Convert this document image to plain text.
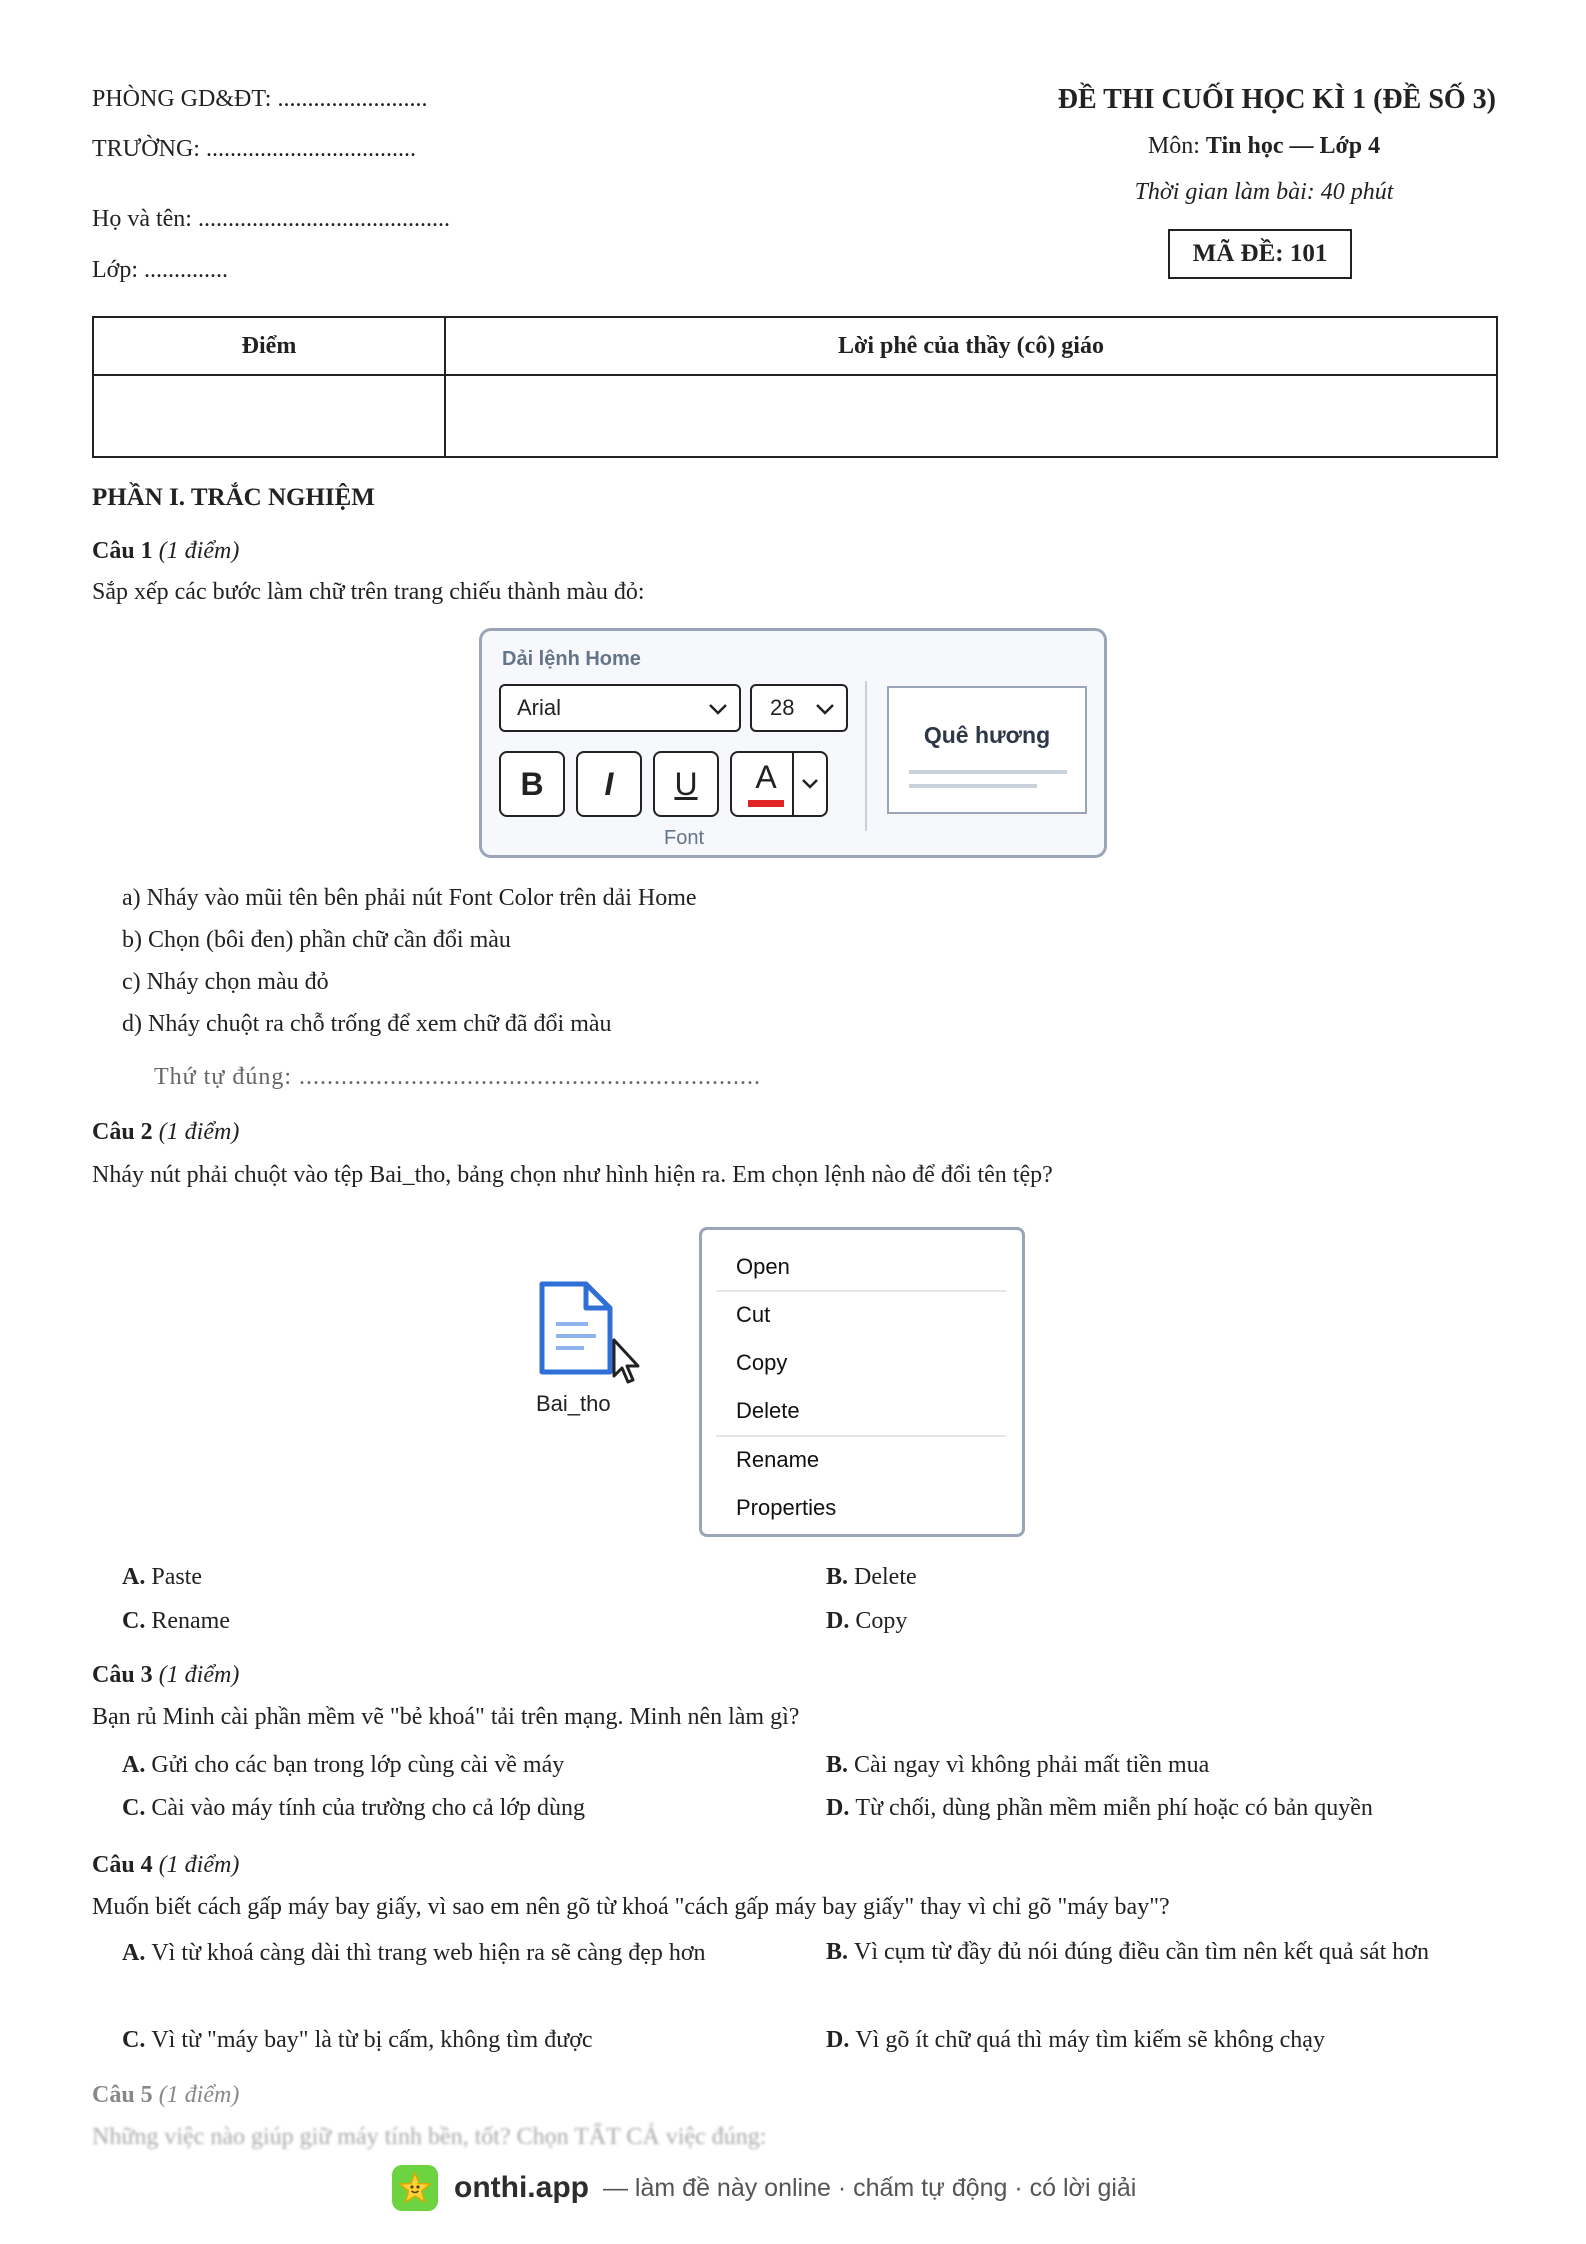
PHÒNG GD&ĐT: .........................
TRƯỜNG: ...................................
Họ và tên: ..........................................
Lớp: ..............
ĐỀ THI CUỐI HỌC KÌ 1 (ĐỀ SỐ 3)
Môn: Tin học — Lớp 4
Thời gian làm bài: 40 phút
MÃ ĐỀ: 101
Điểm	Lời phê của thầy (cô) giáo

PHẦN I. TRẮC NGHIỆM
Câu 1 (1 điểm)
Sắp xếp các bước làm chữ trên trang chiếu thành màu đỏ:
Dải lệnh Home
Arial	28
B I U A
Font
Quê hương
a) Nháy vào mũi tên bên phải nút Font Color trên dải Home
b) Chọn (bôi đen) phần chữ cần đổi màu
c) Nháy chọn màu đỏ
d) Nháy chuột ra chỗ trống để xem chữ đã đổi màu
Thứ tự đúng: ..................................................................
Câu 2 (1 điểm)
Nháy nút phải chuột vào tệp Bai_tho, bảng chọn như hình hiện ra. Em chọn lệnh nào để đổi tên tệp?
Bai_tho
Open
Cut
Copy
Delete
Rename
Properties
A. Paste	B. Delete
C. Rename	D. Copy
Câu 3 (1 điểm)
Bạn rủ Minh cài phần mềm vẽ "bẻ khoá" tải trên mạng. Minh nên làm gì?
A. Gửi cho các bạn trong lớp cùng cài về máy	B. Cài ngay vì không phải mất tiền mua
C. Cài vào máy tính của trường cho cả lớp dùng	D. Từ chối, dùng phần mềm miễn phí hoặc có bản quyền
Câu 4 (1 điểm)
Muốn biết cách gấp máy bay giấy, vì sao em nên gõ từ khoá "cách gấp máy bay giấy" thay vì chỉ gõ "máy bay"?
A. Vì từ khoá càng dài thì trang web hiện ra sẽ càng đẹp hơn	B. Vì cụm từ đầy đủ nói đúng điều cần tìm nên kết quả sát hơn
C. Vì từ "máy bay" là từ bị cấm, không tìm được	D. Vì gõ ít chữ quá thì máy tìm kiếm sẽ không chạy
Câu 5 (1 điểm)
Những việc nào giúp giữ máy tính bền, tốt? Chọn TẤT CẢ việc đúng:
onthi.app — làm đề này online · chấm tự động · có lời giải
